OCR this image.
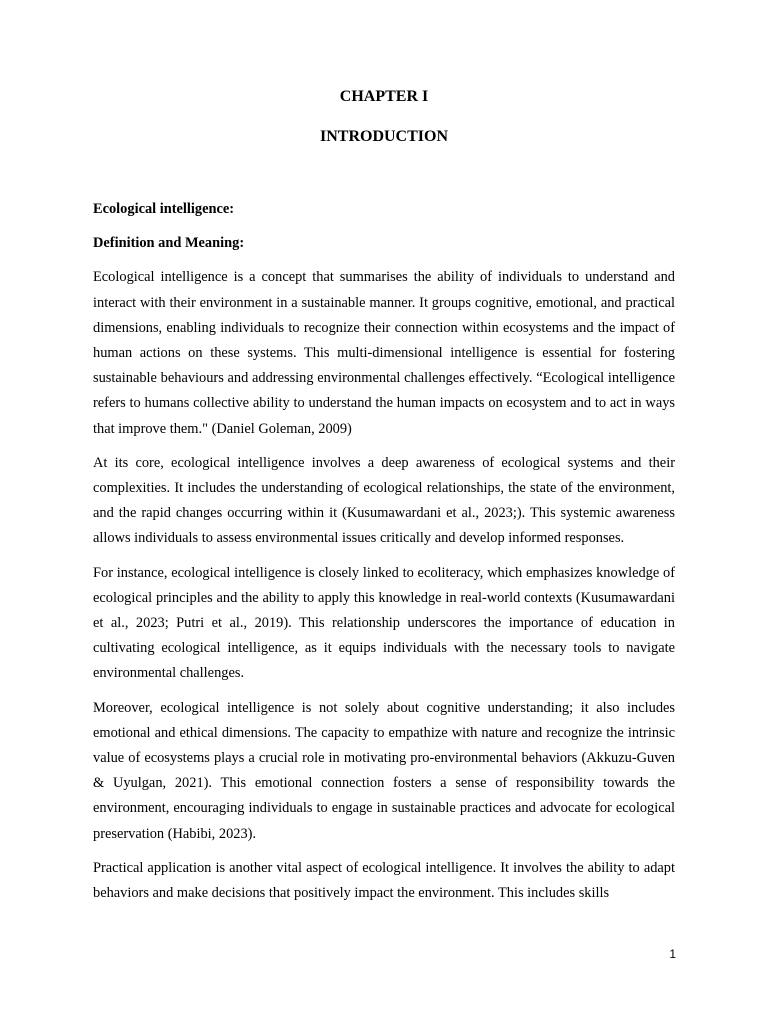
CHAPTER I
INTRODUCTION

Ecological intelligence:

Definition and Meaning:

Ecological intelligence is a concept that summarises the ability of individuals to understand and interact with their environment in a sustainable manner. It groups cognitive, emotional, and practical dimensions, enabling individuals to recognize their connection within ecosystems and the impact of human actions on these systems. This multi-dimensional intelligence is essential for fostering sustainable behaviours and addressing environmental challenges effectively. “Ecological intelligence refers to humans collective ability to understand the human impacts on ecosystem and to act in ways that improve them." (Daniel Goleman, 2009)

At its core, ecological intelligence involves a deep awareness of ecological systems and their complexities. It includes the understanding of ecological relationships, the state of the environment, and the rapid changes occurring within it (Kusumawardani et al., 2023;). This systemic awareness allows individuals to assess environmental issues critically and develop informed responses.

For instance, ecological intelligence is closely linked to ecoliteracy, which emphasizes knowledge of ecological principles and the ability to apply this knowledge in real-world contexts (Kusumawardani et al., 2023; Putri et al., 2019). This relationship underscores the importance of education in cultivating ecological intelligence, as it equips individuals with the necessary tools to navigate environmental challenges.

Moreover, ecological intelligence is not solely about cognitive understanding; it also includes emotional and ethical dimensions. The capacity to empathize with nature and recognize the intrinsic value of ecosystems plays a crucial role in motivating pro-environmental behaviors (Akkuzu-Guven & Uyulgan, 2021). This emotional connection fosters a sense of responsibility towards the environment, encouraging individuals to engage in sustainable practices and advocate for ecological preservation (Habibi, 2023).

Practical application is another vital aspect of ecological intelligence. It involves the ability to adapt behaviors and make decisions that positively impact the environment. This includes skills

1
